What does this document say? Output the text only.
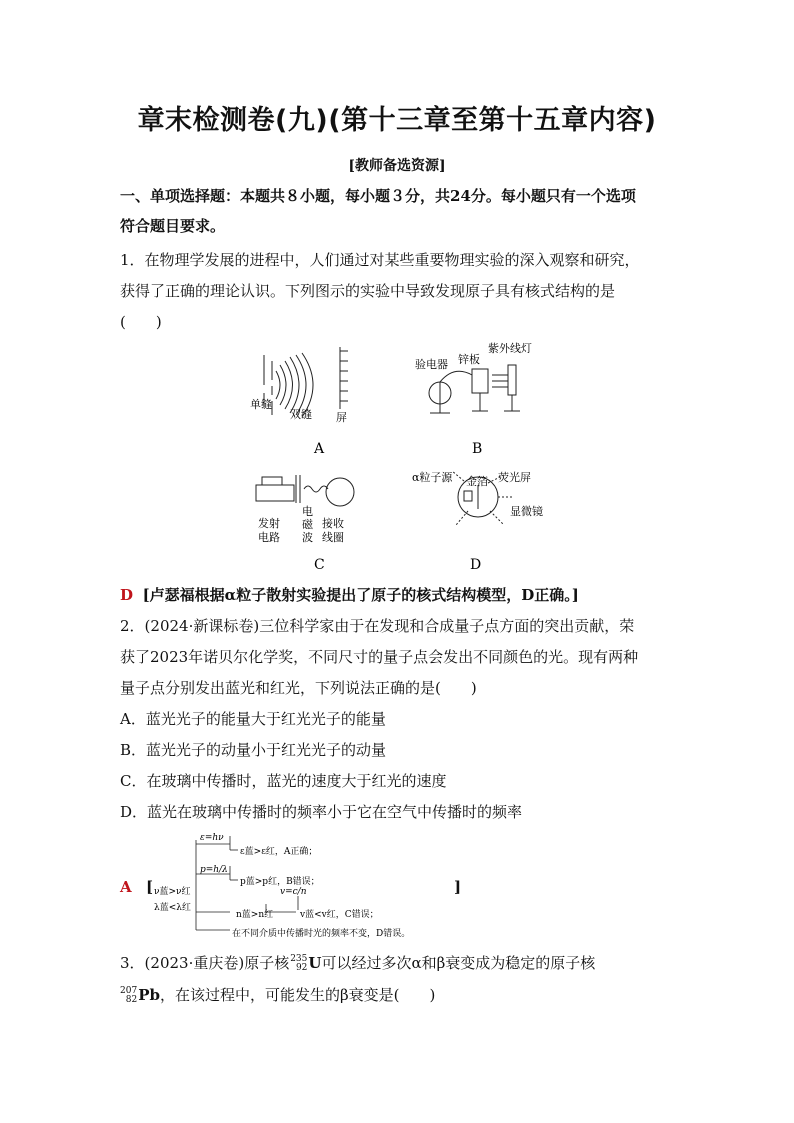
章末检测卷(九)(第十三章至第十五章内容)
[教师备选资源]
一、单项选择题：本题共８小题，每小题３分，共24分。每小题只有一个选项
符合题目要求。
1．在物理学发展的进程中，人们通过对某些重要物理实验的深入观察和研究，
获得了正确的理论认识。下列图示的实验中导致发现原子具有核式结构的是
(　　)
单缝
双缝 屏
A
验电器 锌板
紫外线灯
B
发射
电路
电
磁
波
接收
线圈
C
α粒子源	荧光屏
金箔
显微镜
D
D [卢瑟福根据α粒子散射实验提出了原子的核式结构模型，D正确。]
2．(2024·新课标卷)三位科学家由于在发现和合成量子点方面的突出贡献，荣
获了2023年诺贝尔化学奖，不同尺寸的量子点会发出不同颜色的光。现有两种
量子点分别发出蓝光和红光，下列说法正确的是(　　)
A．蓝光光子的能量大于红光光子的能量
B．蓝光光子的动量小于红光光子的动量
C．在玻璃中传播时，蓝光的速度大于红光的速度
D．蓝光在玻璃中传播时的频率小于它在空气中传播时的频率
A [	]
ε=hν
ε蓝>ε红，A正确；
p=h/λ
p蓝>p红，B错误；
ν蓝>ν红
λ蓝<λ红
v=c/n
n蓝>n红	v蓝<v红，C错误；
在不同介质中传播时光的频率不变，D错误。
3．(2023·重庆卷)原子核 235
92 U可以经过多次α和β衰变成为稳定的原子核
207
82 Pb，在该过程中，可能发生的β衰变是(　　)
